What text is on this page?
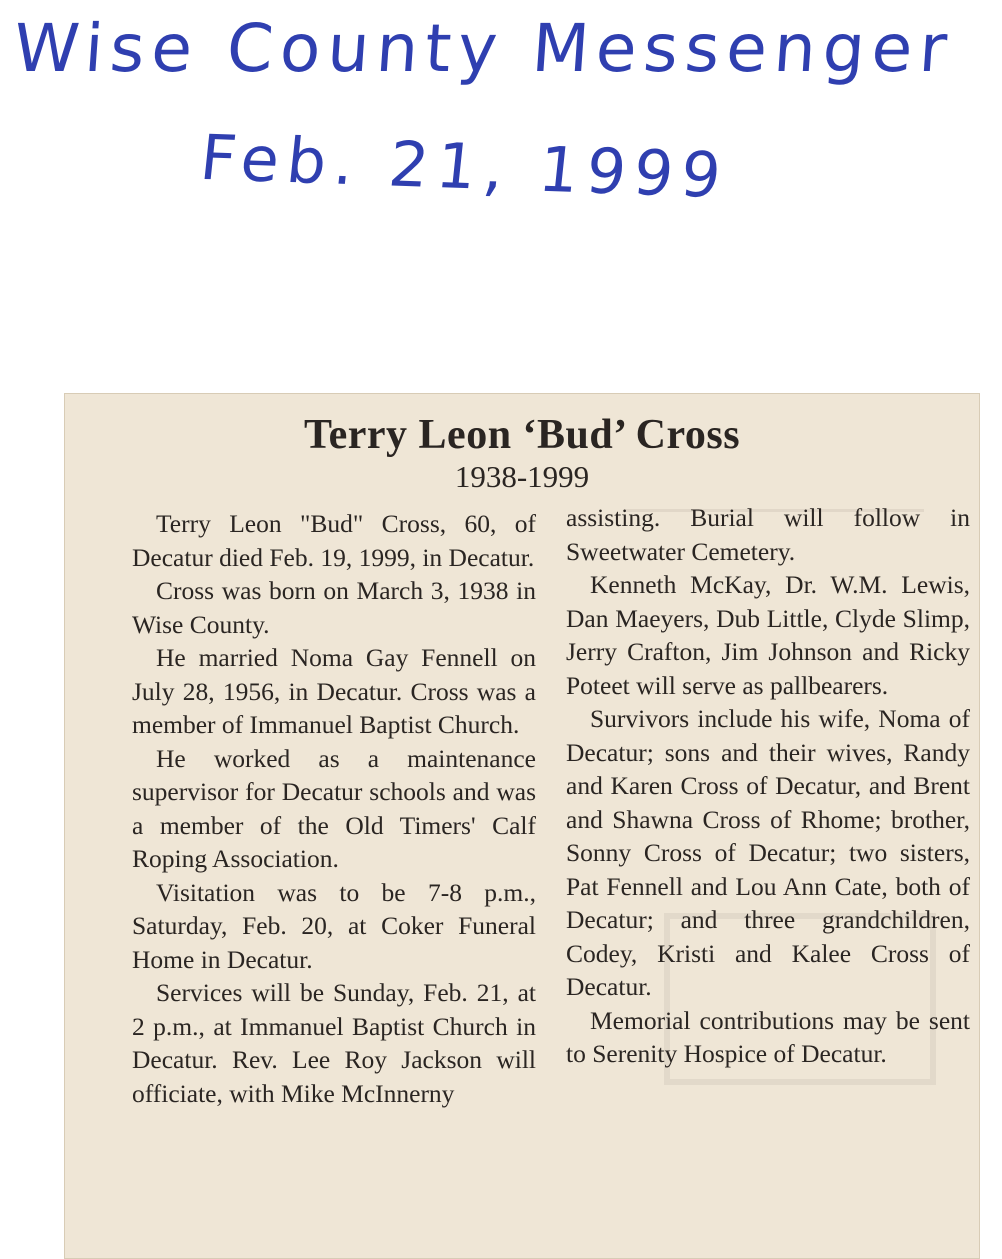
Wise County Messenger
Feb. 21, 1999
Terry Leon ‘Bud’ Cross
1938-1999

Terry Leon "Bud" Cross, 60, of Decatur died Feb. 19, 1999, in Decatur.

Cross was born on March 3, 1938 in Wise County.

He married Noma Gay Fennell on July 28, 1956, in Decatur. Cross was a member of Immanuel Baptist Church.

He worked as a maintenance supervisor for Decatur schools and was a member of the Old Timers' Calf Roping Association.

Visitation was to be 7-8 p.m., Saturday, Feb. 20, at Coker Funeral Home in Decatur.

Services will be Sunday, Feb. 21, at 2 p.m., at Immanuel Baptist Church in Decatur. Rev. Lee Roy Jackson will officiate, with Mike McInnerny

assisting. Burial will follow in Sweetwater Cemetery.

Kenneth McKay, Dr. W.M. Lewis, Dan Maeyers, Dub Little, Clyde Slimp, Jerry Crafton, Jim Johnson and Ricky Poteet will serve as pallbearers.

Survivors include his wife, Noma of Decatur; sons and their wives, Randy and Karen Cross of Decatur, and Brent and Shawna Cross of Rhome; brother, Sonny Cross of Decatur; two sisters, Pat Fennell and Lou Ann Cate, both of Decatur; and three grandchildren, Codey, Kristi and Kalee Cross of Decatur.

Memorial contributions may be sent to Serenity Hospice of Decatur.
